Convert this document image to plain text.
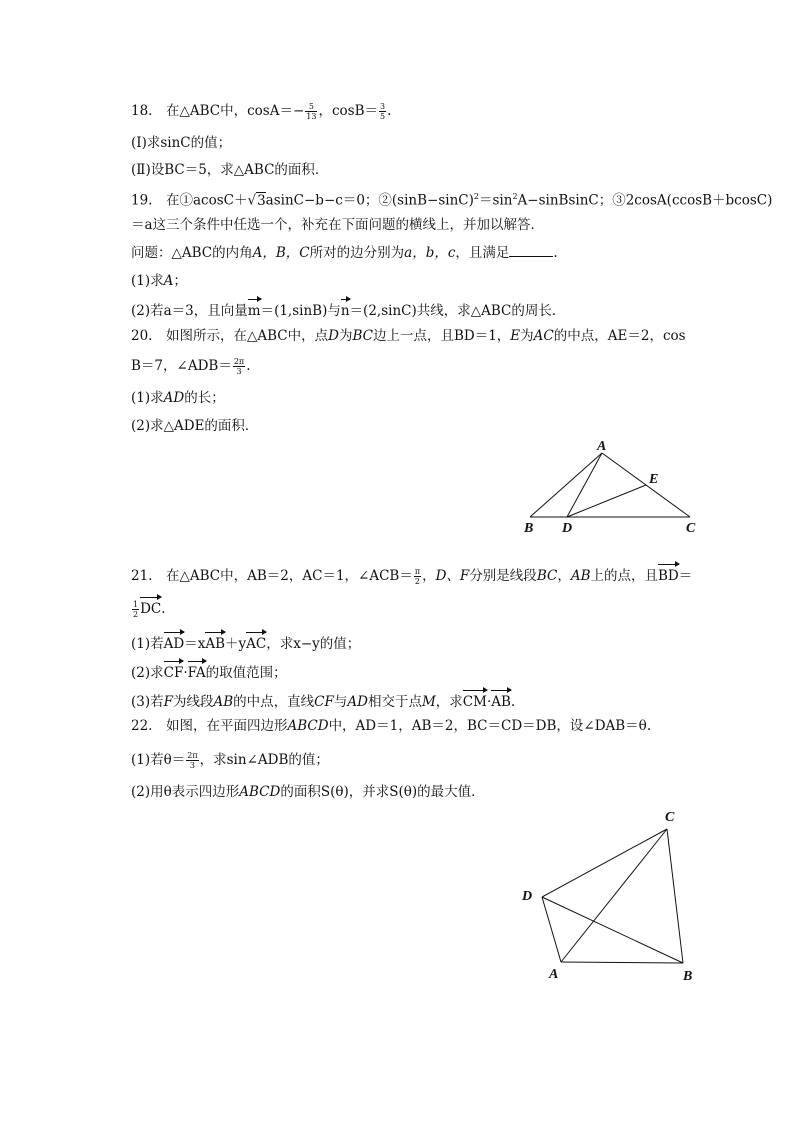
18.　在△ABC中，$\cos A=- \frac{5}{13}$ ，$\cos B= \frac{3}{5}$ .
(Ⅰ)求sinC的值；
(Ⅱ)设BC＝5，求△ABC的面积．
19.　在①acosC＋√3asinC−b−c＝0；$②(\sin B-\sin C)^2=\sin^2A-sinBsinC$；③2cosA(ccosB＋bcosC)
＝a这三个条件中任选一个，补充在下面问题的横线上，并加以解答．
问题：△ABC的内角A，B，C所对的边分别为a，b，c，且满足	.
(1)求A；
(2)若a＝3，且向量m＝(1,sinB)与n＝(2,sinC)共线，求△ABC的周长．
20.　如图所示，在△ABC中，点D为BC边上一点，且BD＝1，E为AC的中点，AE＝2，cos
B＝7，∠ADB＝ $\frac{2\pi}{3}$ .
(1)求AD的长；
(2)求△ADE的面积．
A
E
B D	C
21.　在△ABC中，AB＝2，AC＝1，∠ACB＝ $\frac{\pi}{2}$ ，D、F分别是线段BC，AB上的点，且BD＝
$\frac{1}{2}$ DC.
(1)若AD＝xAB＋yAC，求x−y的值；
(2)求CF·FA的取值范围；
(3)若F为线段AB的中点，直线CF与AD相交于点M，求CM·AB.
22.　如图，在平面四边形ABCD中，AD＝1，AB＝2，BC＝CD＝DB，设∠DAB＝θ.
(1)若$\theta= \frac{2\pi}{3}$ ，求sin∠ADB的值；
(2)用θ表示四边形ABCD的面积S(θ)，并求S(θ)的最大值．
C
D
A	B
